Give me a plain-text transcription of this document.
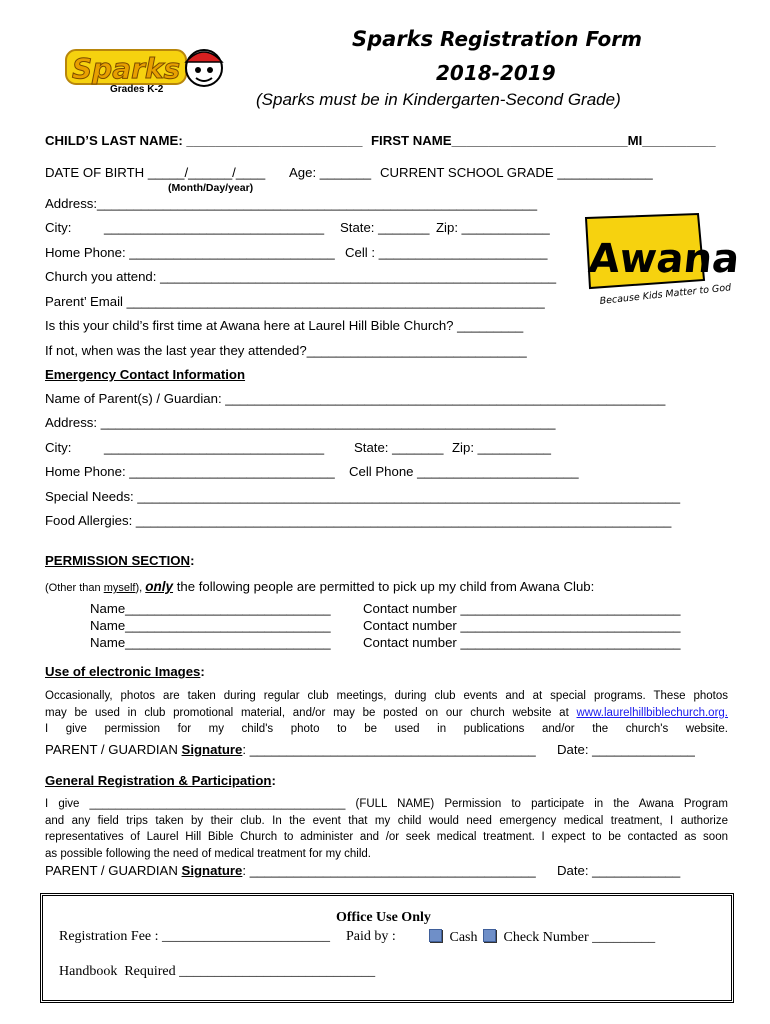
Sparks
Grades K-2
Sparks Registration Form
2018-2019
(Sparks must be in Kindergarten-Second Grade)
CHILD’S LAST NAME: ________________________ FIRST NAME________________________MI__________
DATE OF BIRTH _____/______/____ Age: _______ CURRENT SCHOOL GRADE _____________
(Month/Day/year)
Address:____________________________________________________________
City: ______________________________ State: _______ Zip: ____________
Home Phone: ____________________________ Cell : _______________________
Church you attend: ______________________________________________________
Parent’ Email _________________________________________________________
Is this your child’s first time at Awana here at Laurel Hill Bible Church? _________
If not, when was the last year they attended?______________________________
Awana
Because Kids Matter to God
Emergency Contact Information
Name of Parent(s) / Guardian: ____________________________________________________________
Address: ______________________________________________________________
City: ______________________________ State: _______ Zip: __________
Home Phone: ____________________________ Cell Phone ______________________
Special Needs: __________________________________________________________________________
Food Allergies: _________________________________________________________________________
PERMISSION SECTION:
(Other than myself), only the following people are permitted to pick up my child from Awana Club:
Name____________________________ Contact number ______________________________
Name____________________________ Contact number ______________________________
Name____________________________ Contact number ______________________________
Use of electronic Images:
Occasionally, photos are taken during regular club meetings, during club events and at special programs. These photos
may be used in club promotional material, and/or may be posted on our church website at www.laurelhillbiblechurch.org.
I give permission for my child's photo to be used in publications and/or the church's website.
PARENT / GUARDIAN Signature: _______________________________________ Date: ______________
General Registration & Participation:
I give ________________________________________ (FULL NAME) Permission to participate in the Awana Program
and any field trips taken by their club. In the event that my child would need emergency medical treatment, I authorize
representatives of Laurel Hill Bible Church to administer and /or seek medical treatment. I expect to be contacted as soon
as possible following the need of medical treatment for my child.
PARENT / GUARDIAN Signature: _______________________________________ Date: ____________
Office Use Only
Registration Fee : ________________________ Paid by :	Cash	Check Number _________
Handbook  Required ____________________________
